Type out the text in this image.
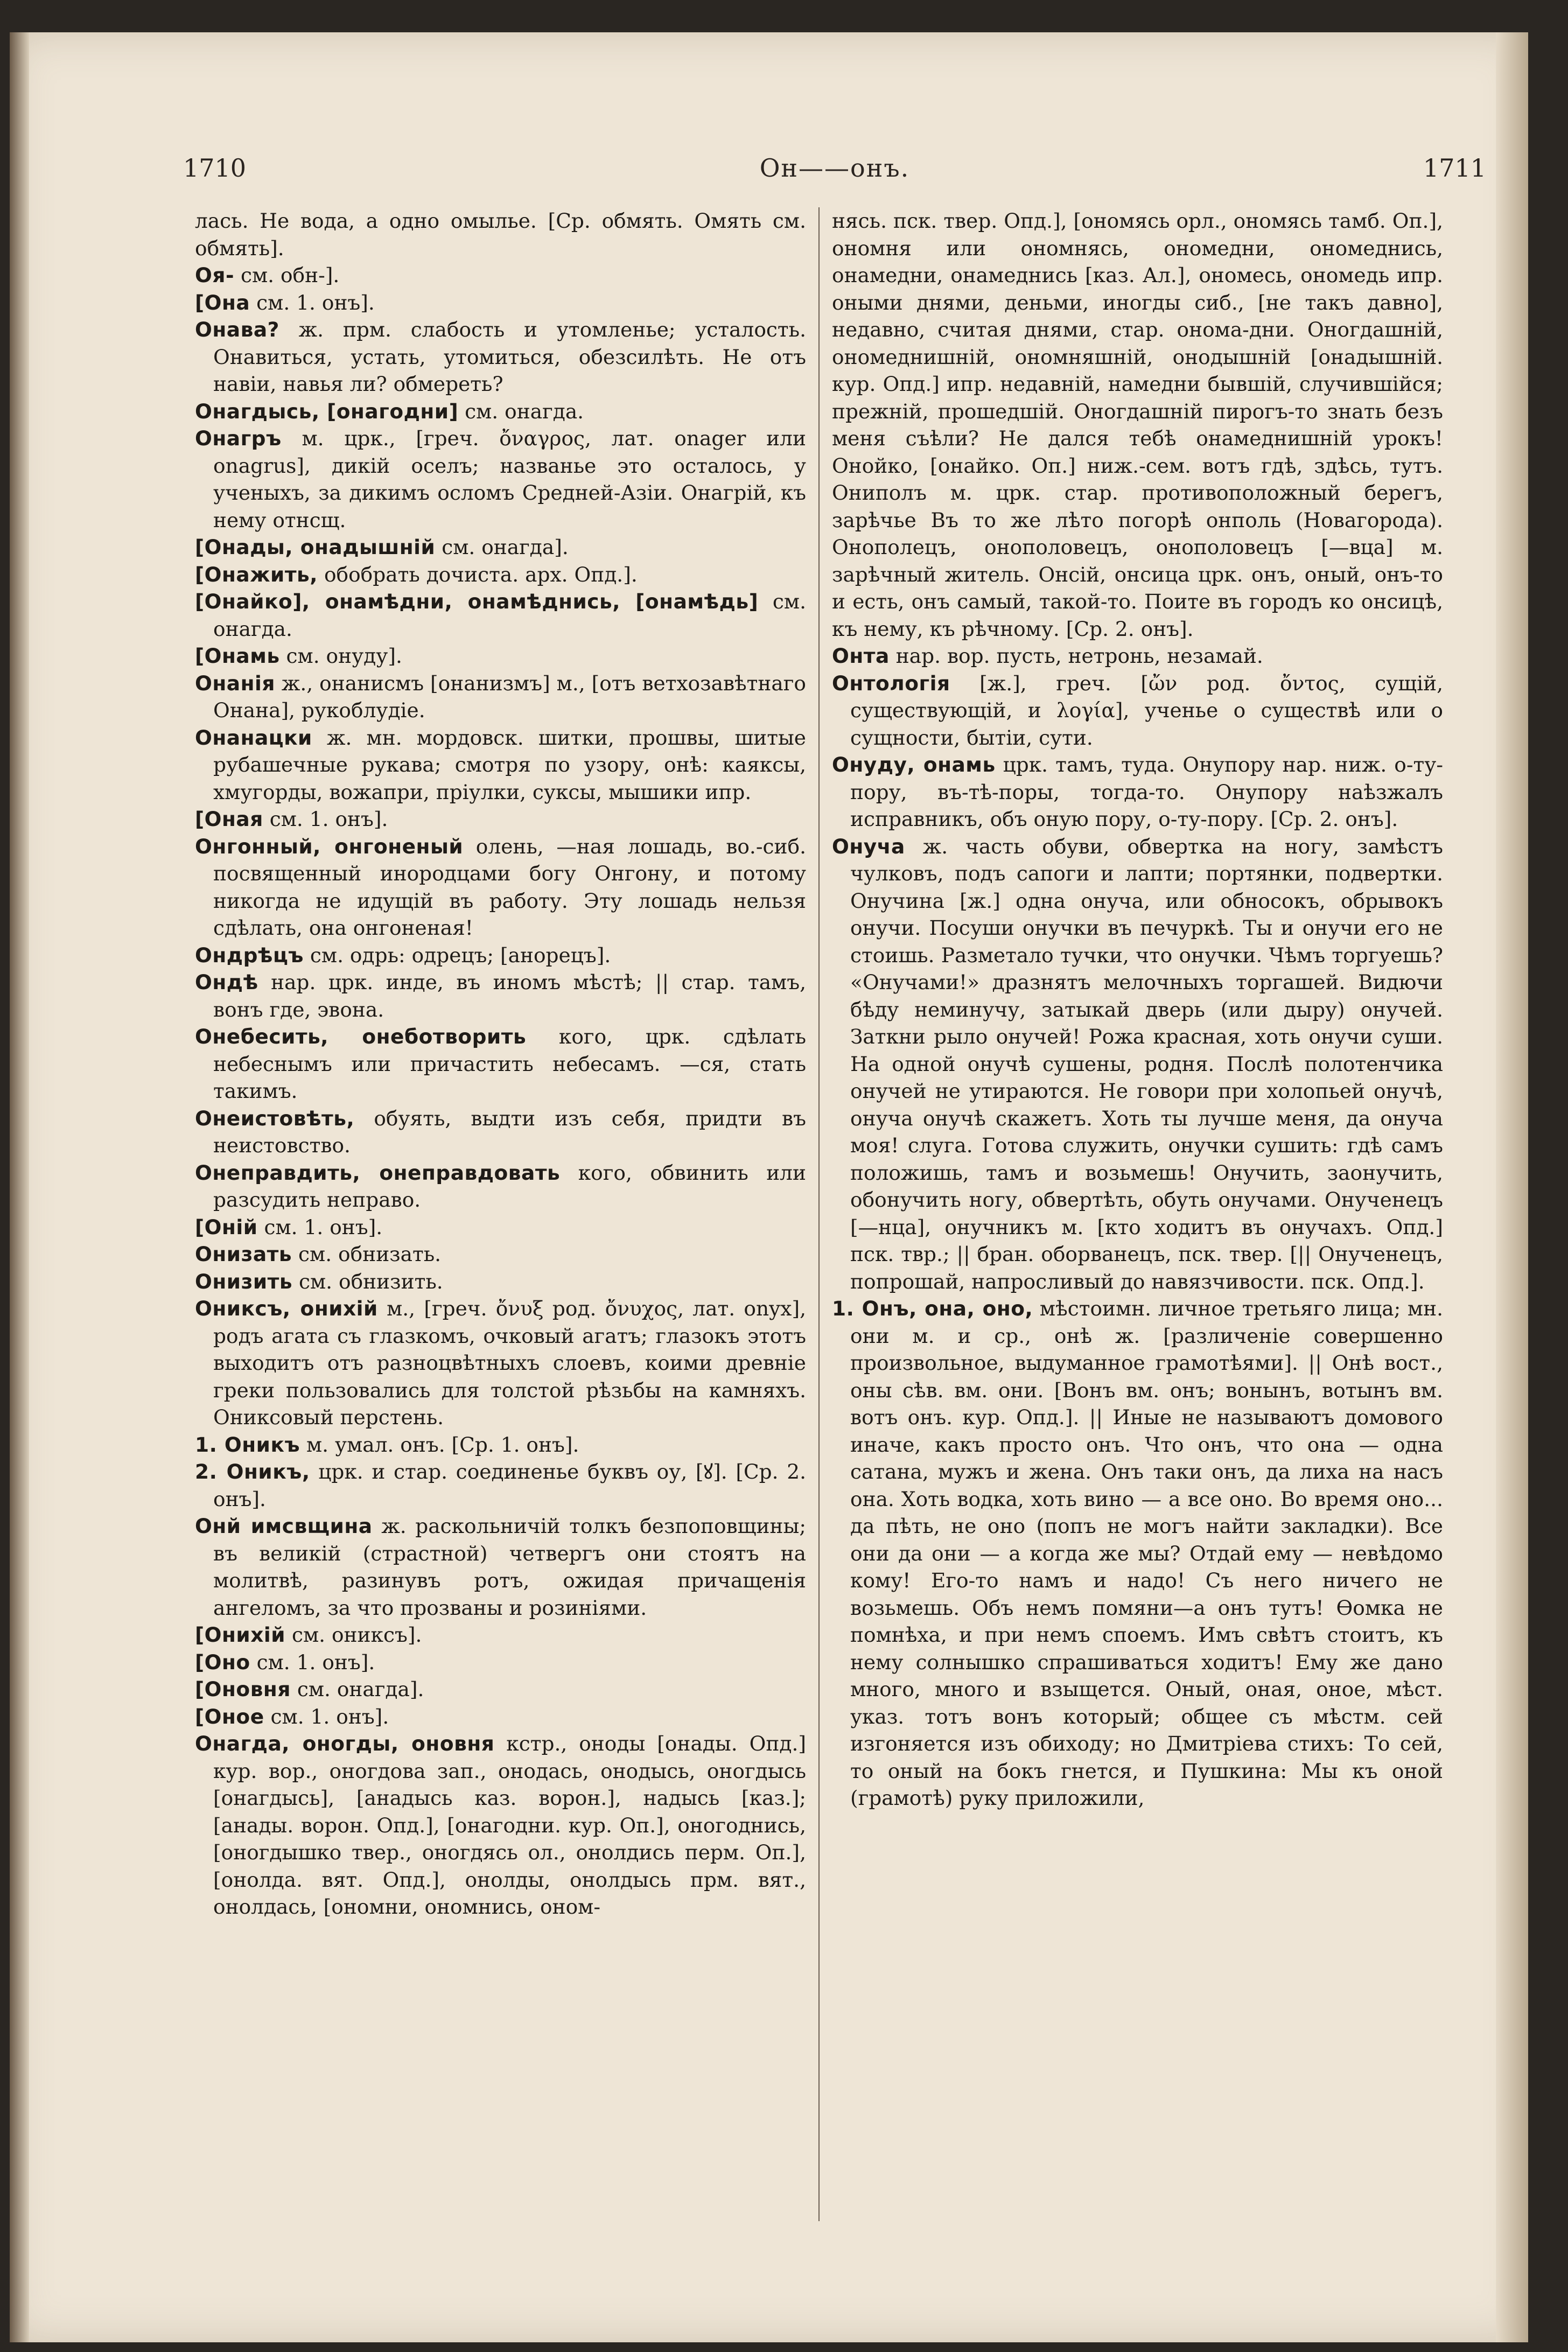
1710	Он——онъ.	1711
лась. Не вода, а одно омылье. [Ср. обмять. Омять см. обмять].
Оя- см. обн-].
[Она см. 1. онъ].
Онава? ж. прм. слабость и утомленье; усталость. Онавиться, устать, утомиться, обезсилѣть. Не отъ навіи, навья ли? обмереть?
Онагдысь, [онагодни] см. онагда.
Онагръ м. црк., [греч. ὄναγρος, лат. onager или onagrus], дикій оселъ; названье это осталось, у ученыхъ, за дикимъ осломъ Средней-Азіи. Онагрій, къ нему отнсщ.
[Онады, онадышній см. онагда].
[Онажить, обобрать дочиста. арх. Опд.].
[Онайко], онамѣдни, онамѣднись, [онамѣдь] см. онагда.
[Онамь см. онуду].
Онанія ж., онанисмъ [онанизмъ] м., [отъ ветхозавѣтнаго Онана], рукоблудіе.
Онанацки ж. мн. мордовск. шитки, прошвы, шитые рубашечные рукава; смотря по узору, онѣ: каяксы, хмугорды, вожапри, пріулки, суксы, мышики ипр.
[Оная см. 1. онъ].
Онгонный, онгоненый олень, —ная лошадь, во.-сиб. посвященный инородцами богу Онгону, и потому никогда не идущій въ работу. Эту лошадь нельзя сдѣлать, она онгоненая!
Ондрѣцъ см. одрь: одрецъ; [анорецъ].
Ондѣ нар. црк. инде, въ иномъ мѣстѣ; || стар. тамъ, вонъ где, эвона.
Онебесить, онеботворить кого, црк. сдѣлать небеснымъ или причастить небесамъ. —ся, стать такимъ.
Онеистовѣть, обуять, выдти изъ себя, придти въ неистовство.
Онеправдить, онеправдовать кого, обвинить или разсудить неправо.
[Оній см. 1. онъ].
Онизать см. обнизать.
Онизить см. обнизить.
Ониксъ, онихій м., [греч. ὄνυξ род. ὄνυχος, лат. onyx], родъ агата съ глазкомъ, очковый агатъ; глазокъ этотъ выходитъ отъ разноцвѣтныхъ слоевъ, коими древніе греки пользовались для толстой рѣзьбы на камняхъ. Ониксовый перстень.
1. Оникъ м. умал. онъ. [Ср. 1. онъ].
2. Оникъ, црк. и стар. соединенье буквъ оу, [ꙋ]. [Ср. 2. онъ].
Онй имсвщина ж. раскольничій толкъ безпоповщины; въ великій (страстной) четвергъ они стоятъ на молитвѣ, разинувъ ротъ, ожидая причащенія ангеломъ, за что прозваны и розиніями.
[Онихій см. ониксъ].
[Оно см. 1. онъ].
[Оновня см. онагда].
[Оное см. 1. онъ].
Онагда, оногды, оновня кстр., оноды [онады. Опд.] кур. вор., оногдова зап., онодась, онодысь, оногдысь [онагдысь], [анадысь каз. ворон.], надысь [каз.]; [анады. ворон. Опд.], [онагодни. кур. Оп.], оногоднись, [оногдышко твер., оногдясь ол., онолдись перм. Оп.], [онолда. вят. Опд.], онолды, онолдысь прм. вят., онолдась, [ономни, ономнись, оном-
нясь. пск. твер. Опд.], [ономясь орл., ономясь тамб. Оп.], ономня или ономнясь, ономедни, ономеднись, онамедни, онамеднись [каз. Ал.], ономесь, ономедь ипр. оными днями, деньми, иногды сиб., [не такъ давно], недавно, считая днями, стар. онома-дни. Оногдашній, ономеднишній, ономняшній, онодышній [онадышній. кур. Опд.] ипр. недавній, намедни бывшій, случившійся; прежній, прошедшій. Оногдашній пирогъ-то знать безъ меня съѣли? Не дался тебѣ онамеднишній урокъ! Онойко, [онайко. Оп.] ниж.-сем. вотъ гдѣ, здѣсь, тутъ. Ониполъ м. црк. стар. противоположный берегъ, зарѣчье Въ то же лѣто погорѣ онполь (Новагорода). Онополецъ, онополовецъ, онополовецъ [—вца] м. зарѣчный житель. Онсій, онсица црк. онъ, оный, онъ-то и есть, онъ самый, такой-то. Поите въ городъ ко онсицѣ, къ нему, къ рѣчному. [Ср. 2. онъ].
Онта нар. вор. пусть, нетронь, незамай.
Онтологія [ж.], греч. [ὤν род. ὄντος, сущій, существующій, и λογία], ученье о существѣ или о сущности, бытіи, сути.
Онуду, онамь црк. тамъ, туда. Онупору нар. ниж. о-ту-пору, въ-тѣ-поры, тогда-то. Онупору наѣзжалъ исправникъ, объ оную пору, о-ту-пору. [Ср. 2. онъ].
Онуча ж. часть обуви, обвертка на ногу, замѣстъ чулковъ, подъ сапоги и лапти; портянки, подвертки. Онучина [ж.] одна онуча, или обносокъ, обрывокъ онучи. Посуши онучки въ печуркѣ. Ты и онучи его не стоишь. Разметало тучки, что онучки. Чѣмъ торгуешь? «Онучами!» дразнятъ мелочныхъ торгашей. Видючи бѣду неминучу, затыкай дверь (или дыру) онучей. Заткни рыло онучей! Рожа красная, хоть онучи суши. На одной онучѣ сушены, родня. Послѣ полотенчика онучей не утираются. Не говори при холопьей онучѣ, онуча онучѣ скажетъ. Хоть ты лучше меня, да онуча моя! слуга. Готова служить, онучки сушить: гдѣ самъ положишь, тамъ и возьмешь! Онучить, заонучить, обонучить ногу, обвертѣть, обуть онучами. Онученецъ [—нца], онучникъ м. [кто ходитъ въ онучахъ. Опд.] пск. твр.; || бран. оборванецъ, пск. твер. [|| Онученецъ, попрошай, напросливый до навязчивости. пск. Опд.].
1. Онъ, она, оно, мѣстоимн. личное третьяго лица; мн. они м. и ср., онѣ ж. [различеніе совершенно произвольное, выдуманное грамотѣями]. || Онѣ вост., оны сѣв. вм. они. [Вонъ вм. онъ; вонынъ, вотынъ вм. вотъ онъ. кур. Опд.]. || Иные не называютъ домового иначе, какъ просто онъ. Что онъ, что она — одна сатана, мужъ и жена. Онъ таки онъ, да лиха на насъ она. Хоть водка, хоть вино — а все оно. Во время оно... да пѣть, не оно (попъ не могъ найти закладки). Все они да они — а когда же мы? Отдай ему — невѣдомо кому! Его-то намъ и надо! Съ него ничего не возьмешь. Объ немъ помяни—а онъ тутъ! Ѳомка не помнѣха, и при немъ споемъ. Имъ свѣтъ стоитъ, къ нему солнышко спрашиваться ходитъ! Ему же дано много, много и взыщется. Оный, оная, оное, мѣст. указ. тотъ вонъ который; общее съ мѣстм. сей изгоняется изъ обиходу; но Дмитріева стихъ: То сей, то оный на бокъ гнется, и Пушкина: Мы къ оной (грамотѣ) руку приложили,
